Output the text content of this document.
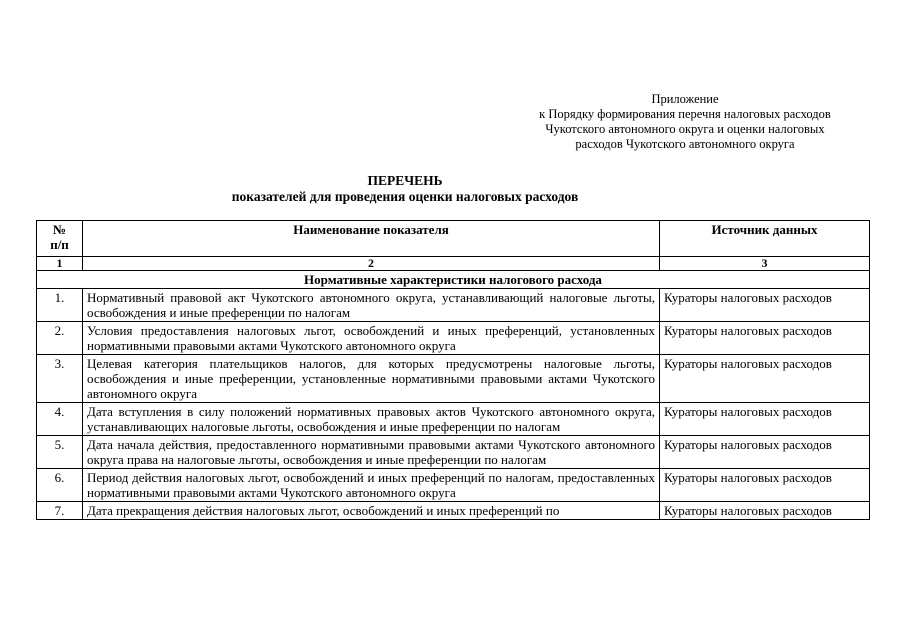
Приложение
к Порядку формирования перечня налоговых расходов
Чукотского автономного округа и оценки налоговых
расходов Чукотского автономного округа
ПЕРЕЧЕНЬ
показателей для проведения оценки налоговых расходов
№
п/п	Наименование показателя	Источник данных
1	2	3
Нормативные характеристики налогового расхода		
1.	Нормативный правовой акт Чукотского автономного округа, устанавливающий налоговые льготы, освобождения и иные преференции по налогам	Кураторы налоговых расходов
2.	Условия предоставления налоговых льгот, освобождений и иных преференций, установленных нормативными правовыми актами Чукотского автономного округа	Кураторы налоговых расходов
3.	Целевая категория плательщиков налогов, для которых предусмотрены налоговые льготы, освобождения и иные преференции, установленные нормативными правовыми актами Чукотского автономного округа	Кураторы налоговых расходов
4.	Дата вступления в силу положений нормативных правовых актов Чукотского автономного округа, устанавливающих налоговые льготы, освобождения и иные преференции по налогам	Кураторы налоговых расходов
5.	Дата начала действия, предоставленного нормативными правовыми актами Чукотского автономного округа права на налоговые льготы, освобождения и иные преференции по налогам	Кураторы налоговых расходов
6.	Период действия налоговых льгот, освобождений и иных преференций по налогам, предоставленных нормативными правовыми актами Чукотского автономного округа	Кураторы налоговых расходов
7.	Дата прекращения действия налоговых льгот, освобождений и иных преференций по	Кураторы налоговых расходов
